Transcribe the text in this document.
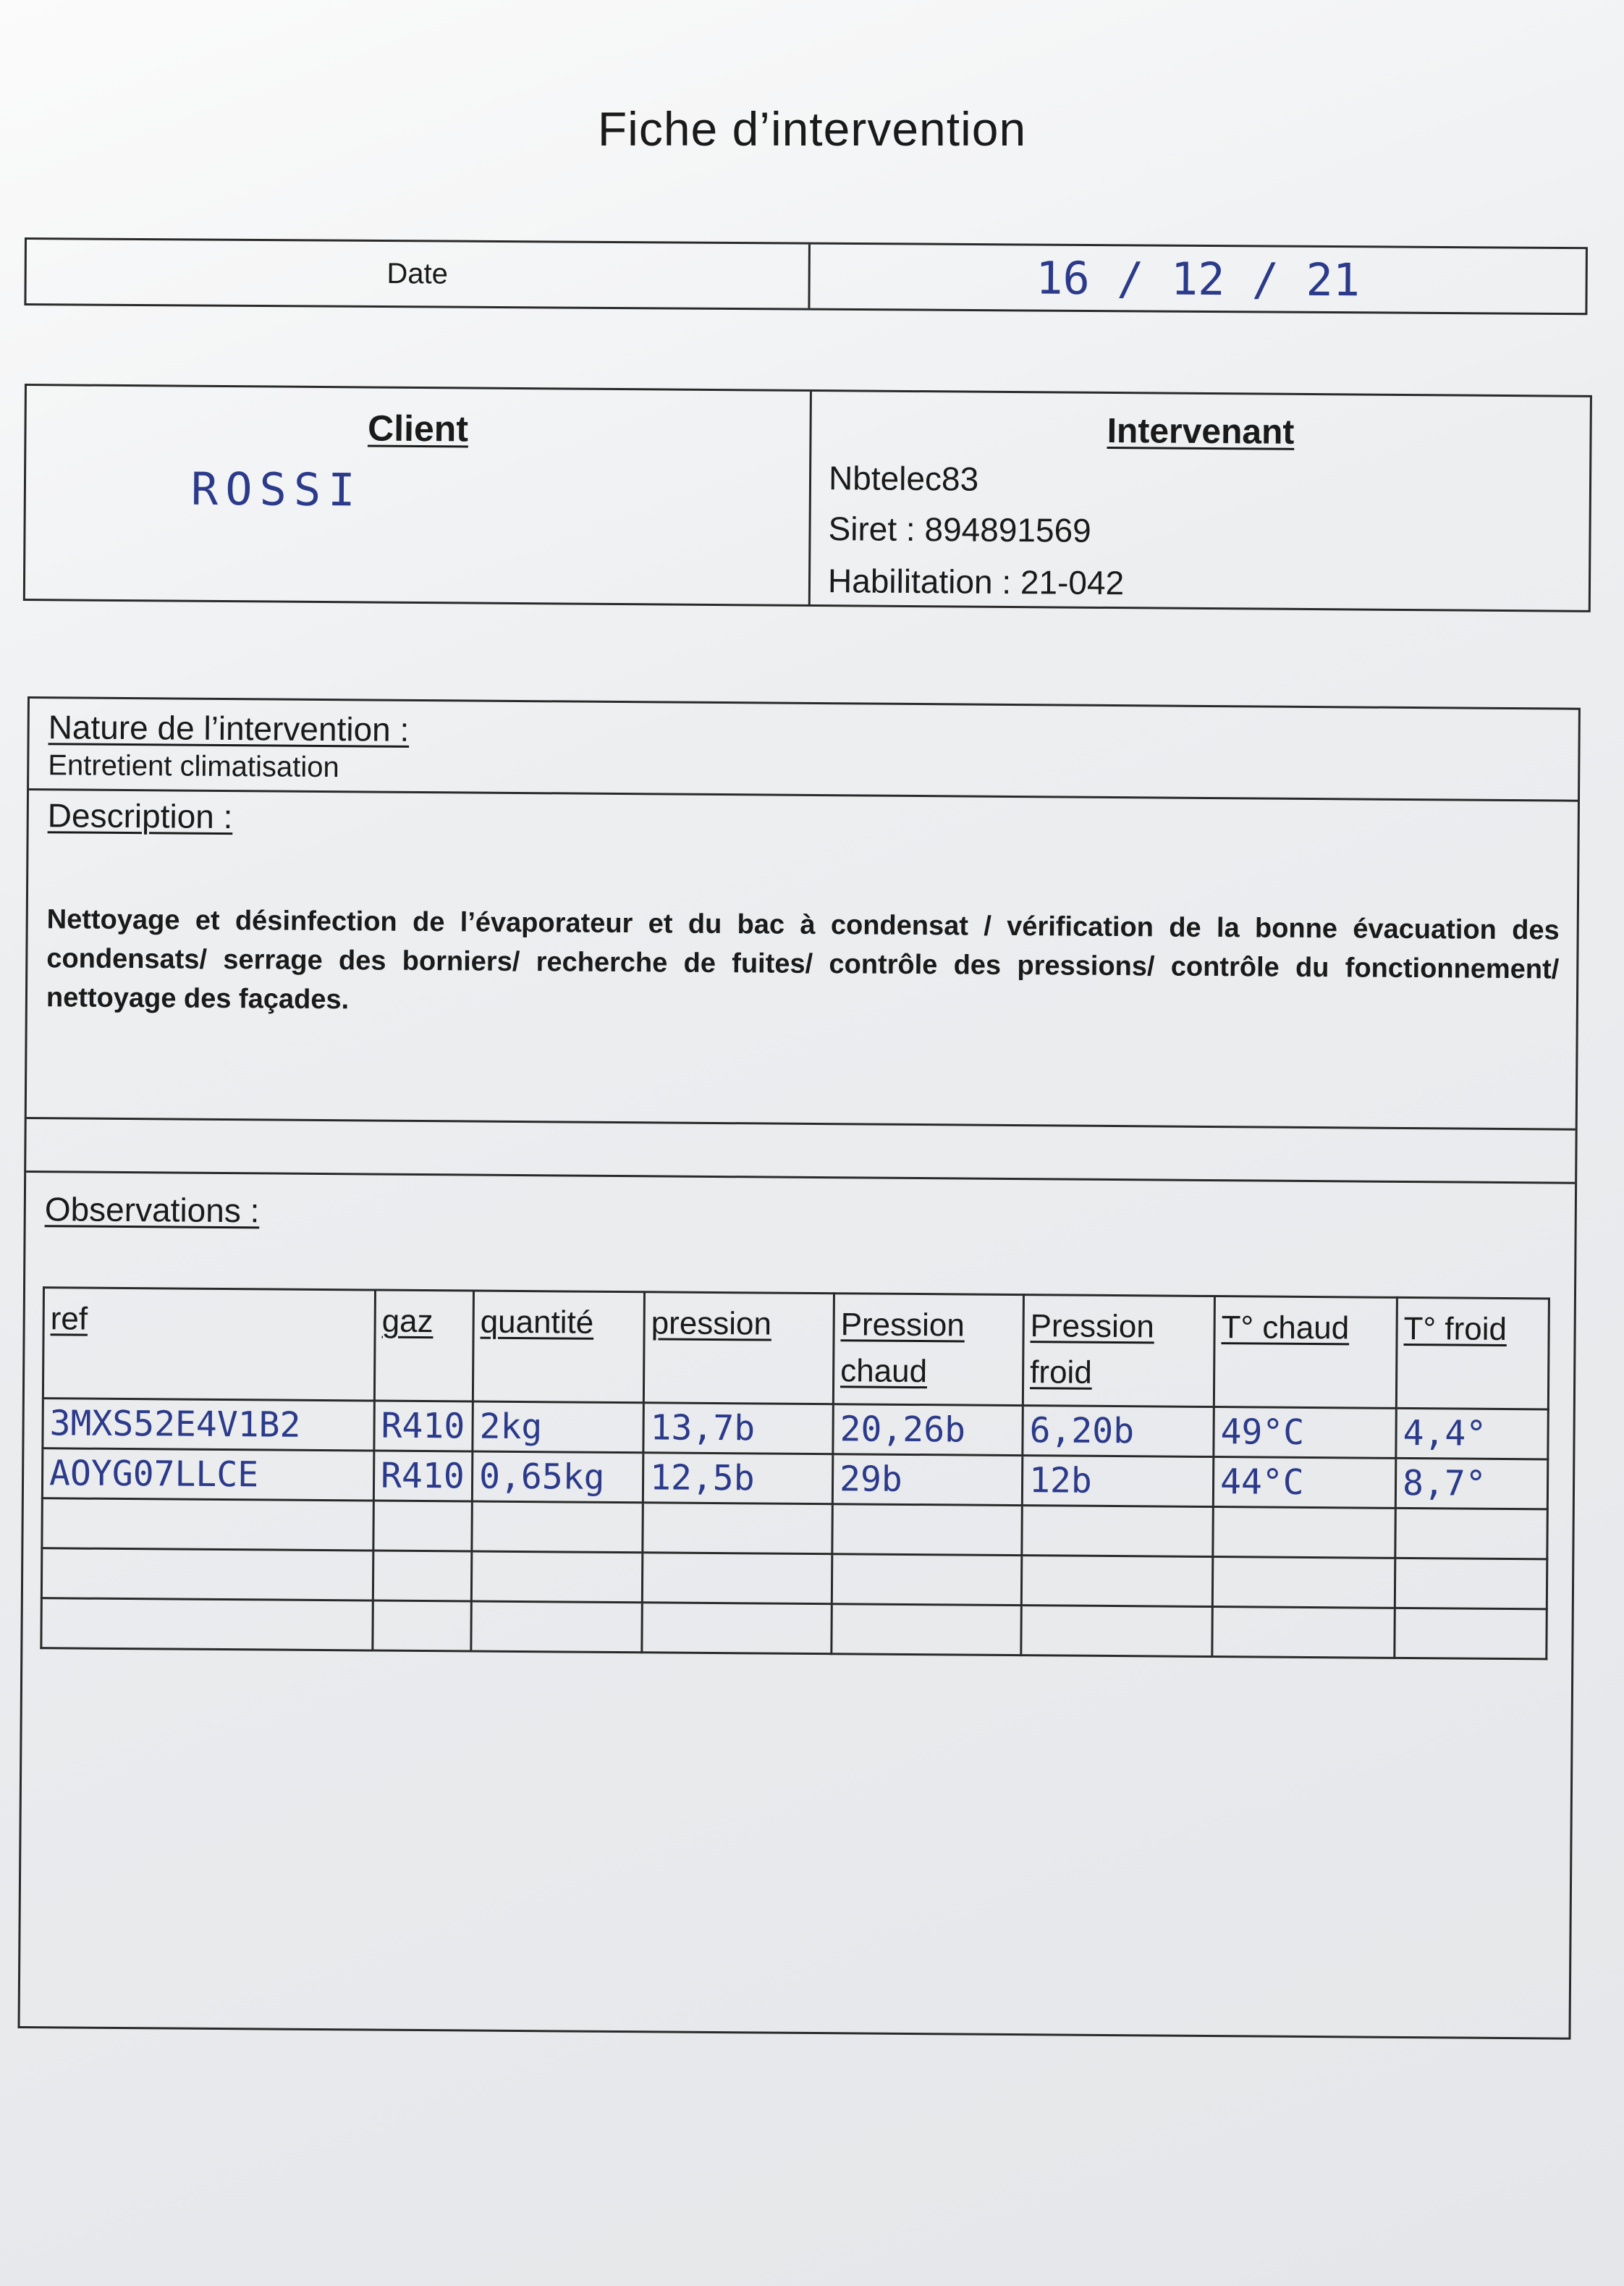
Fiche d’intervention
Date	16 / 12 / 21
Client
ROSSI
Intervenant
Nbtelec83
Siret : 894891569
Habilitation : 21-042
Nature de l’intervention :
Entretient climatisation
Description :
Nettoyage et désinfection de l’évaporateur et du bac à condensat / vérification de la bonne évacuation des condensats/ serrage des borniers/ recherche de fuites/ contrôle des pressions/ contrôle du fonctionnement/ nettoyage des façades.
Observations :
ref	gaz	quantité	pression	Pression chaud	Pression froid	T° chaud	T° froid
3MXS52E4V1B2	R410	2kg	13,7b	20,26b	6,20b	49°C	4,4°
AOYG07LLCE	R410	0,65kg	12,5b	29b	12b	44°C	8,7°
